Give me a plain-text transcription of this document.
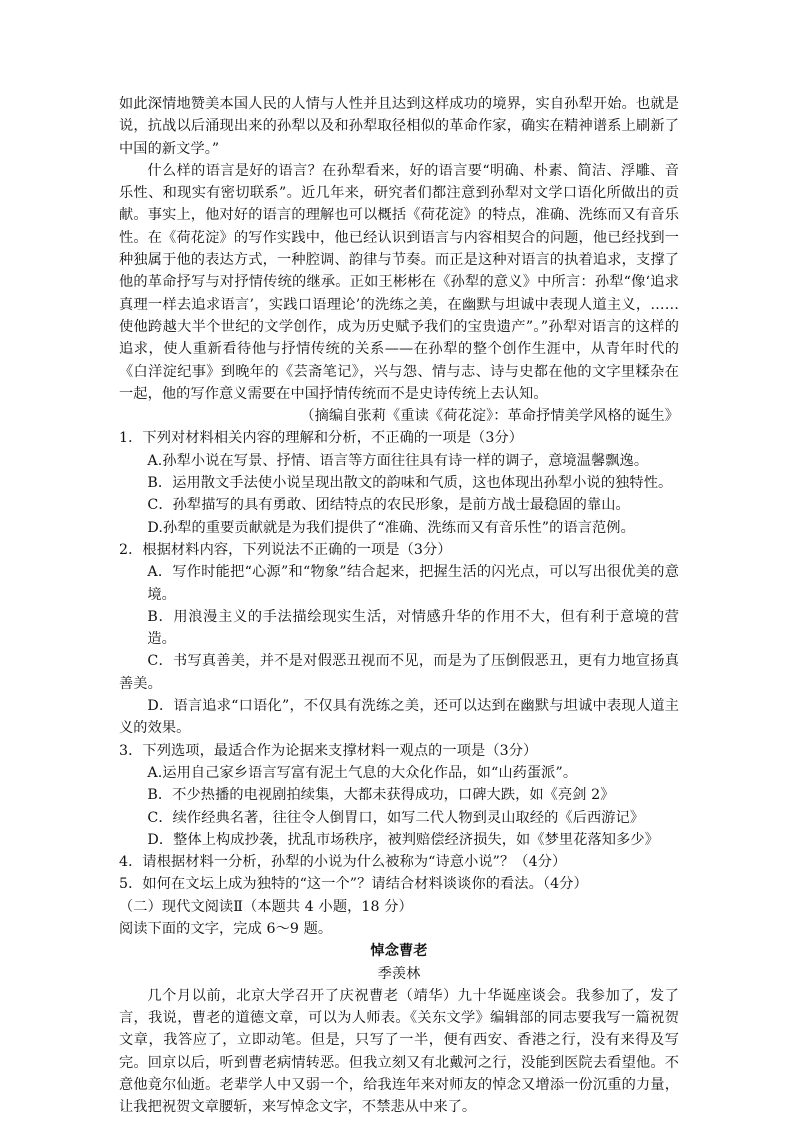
如此深情地赞美本国人民的人情与人性并且达到这样成功的境界，实自孙犁开始。也就是说，抗战以后涌现出来的孙犁以及和孙犁取径相似的革命作家，确实在精神谱系上刷新了中国的新文学。”

什么样的语言是好的语言？在孙犁看来，好的语言要“明确、朴素、简洁、浮雕、音乐性、和现实有密切联系”。近几年来，研究者们都注意到孙犁对文学口语化所做出的贡献。事实上，他对好的语言的理解也可以概括《荷花淀》的特点，准确、洗练而又有音乐性。在《荷花淀》的写作实践中，他已经认识到语言与内容相契合的问题，他已经找到一种独属于他的表达方式，一种腔调、韵律与节奏。而正是这种对语言的执着追求，支撑了他的革命抒写与对抒情传统的继承。正如王彬彬在《孙犁的意义》中所言：孙犁“像‘追求真理一样去追求语言’，实践口语理论’的洗练之美，在幽默与坦诚中表现人道主义，……使他跨越大半个世纪的文学创作，成为历史赋予我们的宝贵遗产”。”孙犁对语言的这样的追求，使人重新看待他与抒情传统的关系——在孙犁的整个创作生涯中，从青年时代的《白洋淀纪事》到晚年的《芸斋笔记》，兴与怨、情与志、诗与史都在他的文字里糅杂在一起，他的写作意义需要在中国抒情传统而不是史诗传统上去认知。

（摘编自张莉《重读《荷花淀》：革命抒情美学风格的诞生》

1．下列对材料相关内容的理解和分析，不正确的一项是（3分）

A.孙犁小说在写景、抒情、语言等方面往往具有诗一样的调子，意境温馨飘逸。

B．运用散文手法使小说呈现出散文的韵味和气质，这也体现出孙犁小说的独特性。

C．孙犁描写的具有勇敢、团结特点的农民形象，是前方战士最稳固的靠山。

D.孙犁的重要贡献就是为我们提供了“准确、洗练而又有音乐性”的语言范例。

2．根据材料内容，下列说法不正确的一项是（3分）

A．写作时能把“心源”和“物象”结合起来，把握生活的闪光点，可以写出很优美的意境。

B．用浪漫主义的手法描绘现实生活，对情感升华的作用不大，但有利于意境的营造。

C．书写真善美，并不是对假恶丑视而不见，而是为了压倒假恶丑，更有力地宣扬真善美。

D．语言追求“口语化”，不仅具有洗练之美，还可以达到在幽默与坦诚中表现人道主义的效果。

3．下列选项，最适合作为论据来支撑材料一观点的一项是（3分）

A.运用自己家乡语言写富有泥土气息的大众化作品，如“山药蛋派”。

B．不少热播的电视剧拍续集，大都未获得成功，口碑大跌，如《亮剑 2》

C．续作经典名著，往往令人倒胃口，如写二代人物到灵山取经的《后西游记》

D．整体上构成抄袭，扰乱市场秩序，被判赔偿经济损失，如《梦里花落知多少》

4．请根据材料一分析，孙犁的小说为什么被称为“诗意小说”？（4分）

5．如何在文坛上成为独特的“这一个”？请结合材料谈谈你的看法。（4分）

（二）现代文阅读Ⅱ（本题共 4 小题，18 分）

阅读下面的文字，完成 6～9 题。

悼念曹老

季羡林

几个月以前，北京大学召开了庆祝曹老（靖华）九十华诞座谈会。我参加了，发了言，我说，曹老的道德文章，可以为人师表。《关东文学》编辑部的同志要我写一篇祝贺文章，我答应了，立即动笔。但是，只写了一半，便有西安、香港之行，没有来得及写完。回京以后，听到曹老病情转恶。但我立刻又有北戴河之行，没能到医院去看望他。不意他竟尔仙逝。老辈学人中又弱一个，给我连年来对师友的悼念又增添一份沉重的力量，让我把祝贺文章腰斩，来写悼念文字，不禁悲从中来了。
